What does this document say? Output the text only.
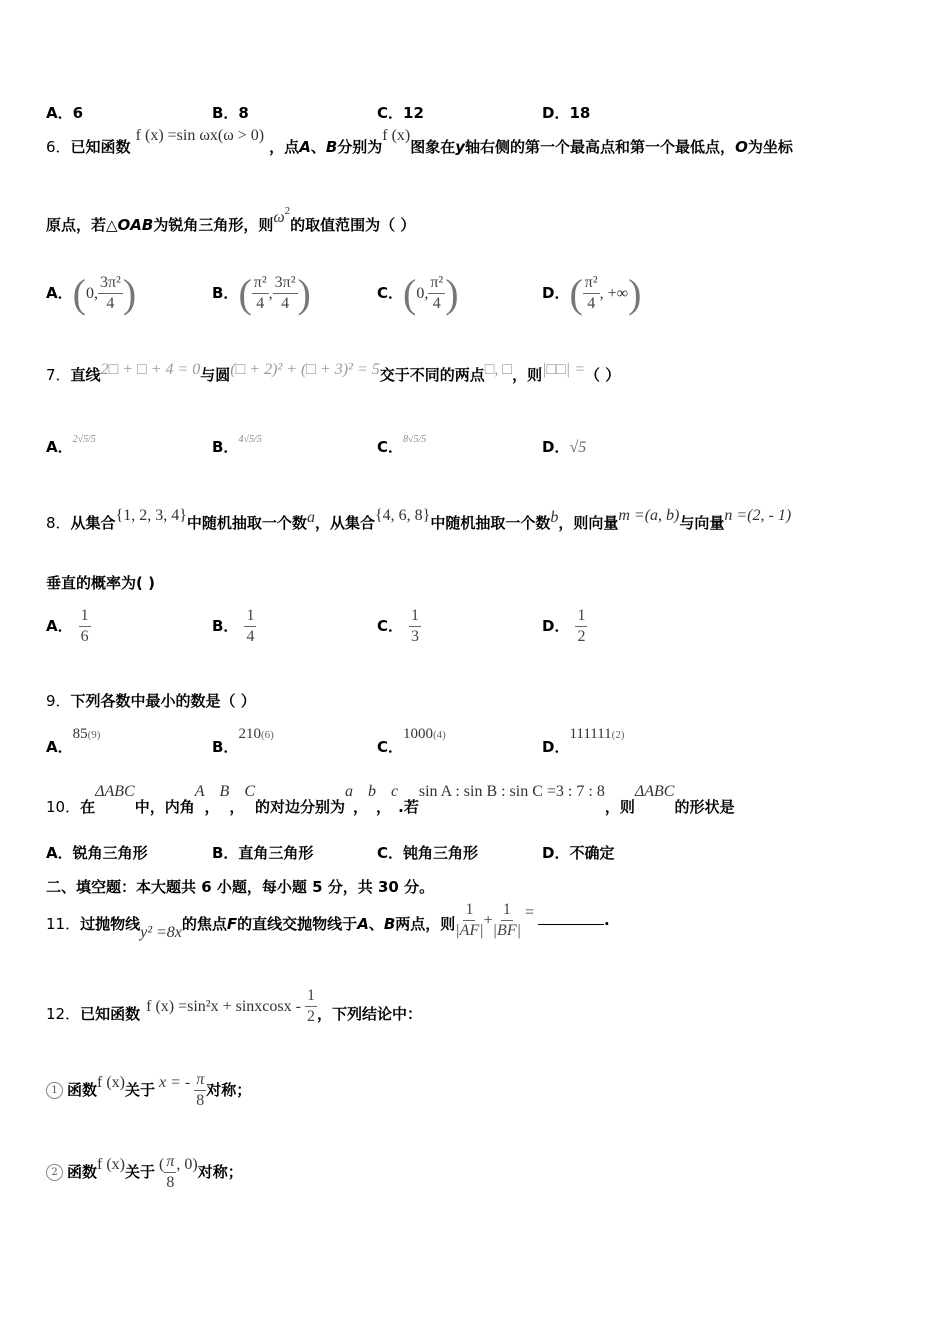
A．6	B．8	C．12	D．18
6．已知函数 f (x) =sin ωx(ω > 0) ，点A、B分别为f (x)图象在y轴右侧的第一个最高点和第一个最低点，O为坐标
原点，若△OAB为锐角三角形，则$\omega^2$的取值范围为（ ）
A．(0, $\frac{\text{3π²}}{4}$ )	B．( $\frac{\text{π²}}{4}$ , $\frac{\text{3π²}}{4}$ )	C．(0, $\frac{\text{π²}}{4}$ )	D．( $\frac{\text{π²}}{4}$ , +∞)
7．直线2□ + □ + 4 = 0与圆(□ + 2)² + (□ + 3)² = 5交于不同的两点□, □，则|□□| =（ ）
A．$^{2√5/5}$	B．$^{4√5/5}$	C．$^{8√5/5}$	D．√5
8．从集合{1, 2, 3, 4}中随机抽取一个数a，从集合{4, 6, 8}中随机抽取一个数b，则向量m =(a, b)与向量n =(2, - 1)
垂直的概率为( )
A． $\frac{1}{6}$	B． $\frac{1}{4}$	C． $\frac{1}{3}$	D． $\frac{1}{2}$
9．下列各数中最小的数是（ ）
A．85(9)
B．210(6)
C．1000(4)
D．111111(2)
10．在ΔABC中，内角A，B，C的对边分别为a，b，c.若sin A : sin B : sin C =3 : 7 : 8，则ΔABC的形状是
A．锐角三角形	B．直角三角形	C．钝角三角形	D．不确定
二、填空题：本大题共 6 小题，每小题 5 分，共 30 分。
11．过抛物线y² =8x的焦点F的直线交抛物线于A、B两点，则 $\frac{1}{|AF|} + \frac{1}{|BF|}$ =	.
12．已知函数 f (x) =sin²x + sinxcosx - $\frac{1}{2}$ ，下列结论中：
1 函数f (x)关于 x = - $\frac{\pi}{8}$ 对称；
2 函数f (x)关于 ( $\frac{\pi}{8}$ , 0)对称；
